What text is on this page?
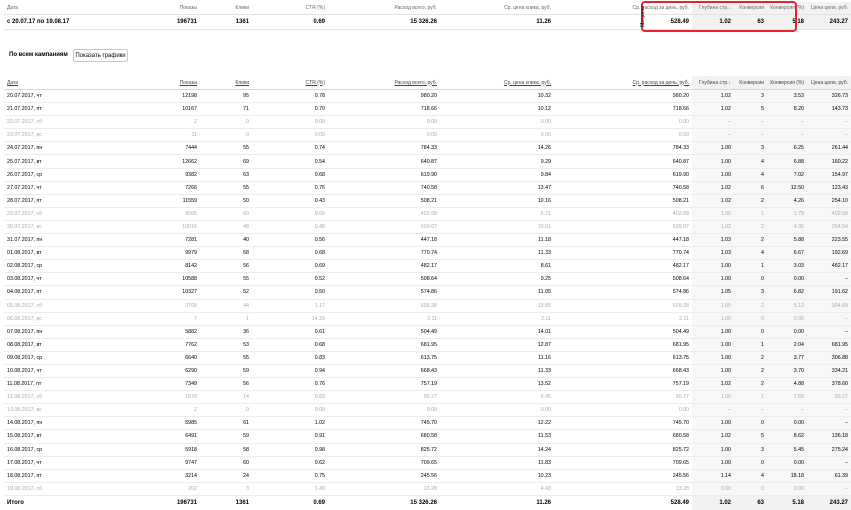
Дата	Показы	Клики	CTR (%)	Расход всего, руб.	Ср. цена клика, руб.	Ср. расход за день, руб.	Глубина стр.↓	Конверсии	Конверсия (%)	Цена цели, руб.
с 20.07.17 по 19.08.17	196731	1361	0.69	15 326.26	11.26	528.49	1.02	63	5.18	243.27
Метрика
По всем кампаниям	Показать графики
Дата	Показы	Клики	CTR (%)	Расход всего, руб.	Ср. цена клика, руб.	Ср. расход за день, руб.	Глубина стр.↓	Конверсии	Конверсия (%)	Цена цели, руб.
20.07.2017, чт	12198	95	0.78	980.20	10.32	980.20	1.02	3	3.53	326.73
21.07.2017, пт	10167	71	0.70	718.66	10.12	718.66	1.02	5	8.20	143.73
22.07.2017, сб	2	0	0.00	0.00	0.00	0.00	–	–	–	–
23.07.2017, вс	11	0	0.00	0.00	0.00	0.00	–	–	–	–
24.07.2017, пн	7444	55	0.74	784.33	14.26	784.33	1.00	3	6.25	261.44
25.07.2017, вт	12662	69	0.54	640.87	9.29	640.87	1.00	4	6.88	160.22
26.07.2017, ср	9382	63	0.68	619.90	9.84	619.90	1.00	4	7.02	154.97
27.07.2017, чт	7266	55	0.76	740.58	13.47	740.58	1.02	6	12.50	123.43
28.07.2017, пт	11559	50	0.43	508.21	10.16	508.21	1.02	2	4.26	254.10
29.07.2017, сб	9065	60	0.66	402.68	6.71	402.68	1.00	1	1.79	402.68
30.07.2017, вс	10016	48	0.48	509.07	10.61	509.07	1.02	2	4.35	254.54
31.07.2017, пн	7281	40	0.56	447.18	11.18	447.18	1.03	2	5.88	223.55
01.08.2017, вт	9979	68	0.68	770.74	11.33	770.74	1.03	4	6.67	192.69
02.08.2017, ср	8142	56	0.69	482.17	8.61	482.17	1.00	1	3.03	482.17
03.08.2017, чт	10588	55	0.52	508.64	9.25	508.64	1.00	0	0.00	–
04.08.2017, пт	10327	52	0.50	574.86	11.05	574.86	1.05	3	6.82	191.62
05.08.2017, сб	3768	44	1.17	609.38	13.85	609.38	1.05	2	5.13	304.69
06.08.2017, вс	7	1	14.29	2.11	2.11	2.11	1.00	0	0.00	–
07.08.2017, пн	5882	36	0.61	504.49	14.01	504.49	1.00	0	0.00	–
08.08.2017, вт	7762	53	0.68	681.95	12.87	681.95	1.00	1	2.04	681.95
09.08.2017, ср	6640	55	0.83	613.75	11.16	613.75	1.00	2	3.77	306.88
10.08.2017, чт	6290	59	0.94	668.43	11.33	668.43	1.00	2	3.70	334.21
11.08.2017, пт	7349	56	0.76	757.19	13.52	757.19	1.02	2	4.88	378.60
12.08.2017, сб	1678	14	0.83	90.27	6.45	90.27	1.00	1	7.69	90.27
13.08.2017, вс	2	0	0.00	0.00	0.00	0.00	–	–	–	–
14.08.2017, пн	5985	61	1.02	745.70	12.22	745.70	1.00	0	0.00	–
15.08.2017, вт	6491	59	0.91	680.58	11.53	680.58	1.02	5	8.62	136.18
16.08.2017, ср	5918	58	0.98	825.72	14.24	825.72	1.00	3	5.45	275.24
17.08.2017, чт	9747	60	0.62	709.65	11.83	709.65	1.00	0	0.00	–
18.08.2017, пт	3214	24	0.75	245.56	10.23	245.56	1.14	4	18.18	61.39
19.08.2017, сб	202	3	1.49	13.28	4.43	13.28	0.00	0	0.00	–
Итого	196731	1361	0.69	15 326.26	11.26	528.49	1.02	63	5.18	243.27
